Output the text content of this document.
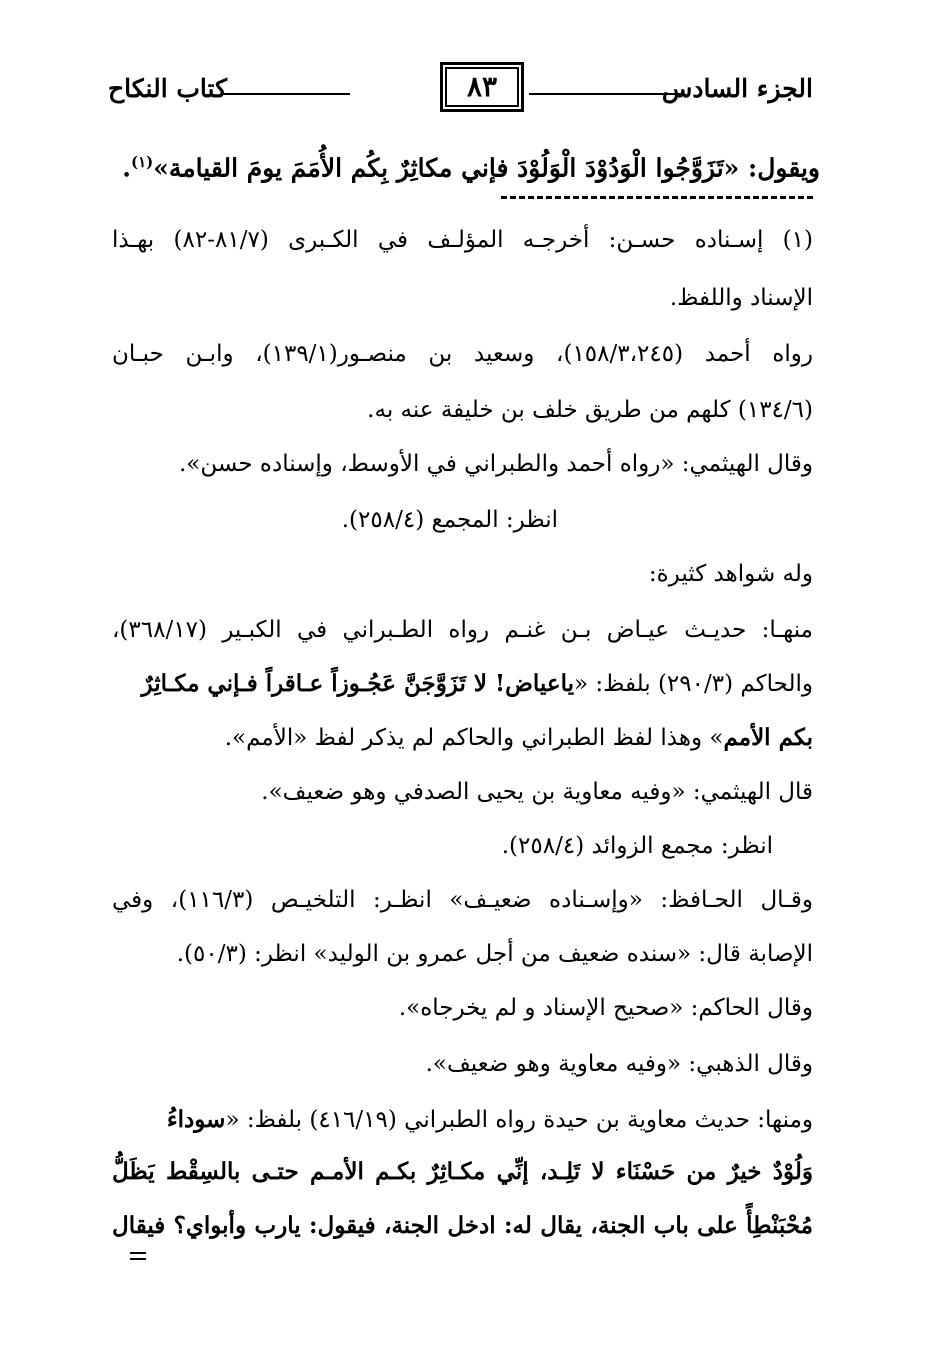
الجزء السادس
٨٣
كتاب النكاح
ويقول: «تَزَوَّجُوا الْوَدُوْدَ الْوَلُوْدَ فإني مكاثِرٌ بِكُم الأُمَمَ يومَ القيامة»$^{(١)}$.
(١) إسـناده حسـن: أخرجـه المؤلـف في الكـبرى (٨١/٧-٨٢) بهـذا
الإسناد واللفظ.
رواه أحمد (١٥٨/٣،٢٤٥)، وسعيد بن منصـور(١٣٩/١)، وابـن حبـان
(١٣٤/٦) كلهم من طريق خلف بن خليفة عنه به.
وقال الهيثمي: «رواه أحمد والطبراني في الأوسط، وإسناده حسن».
انظر: المجمع (٢٥٨/٤).
وله شواهد كثيرة:
منهـا: حديـث عيـاض بـن غنـم رواه الطـبراني في الكبـير (٣٦٨/١٧)،
والحاكم (٢٩٠/٣) بلفظ: «ياعياض! لا تَزَوَّجَنَّ عَجُـوزاً عـاقراً فـإني مكـاثِرٌ
بكم الأمم» وهذا لفظ الطبراني والحاكم لم يذكر لفظ «الأمم».
قال الهيثمي: «وفيه معاوية بن يحيى الصدفي وهو ضعيف».
انظر: مجمع الزوائد (٢٥٨/٤).
وقـال الحـافظ: «وإسـناده ضعيـف» انظـر: التلخيـص (١١٦/٣)، وفي
الإصابة قال: «سنده ضعيف من أجل عمرو بن الوليد» انظر: (٥٠/٣).
وقال الحاكم: «صحيح الإسناد و لم يخرجاه».
وقال الذهبي: «وفيه معاوية وهو ضعيف».
ومنها: حديث معاوية بن حيدة رواه الطبراني (٤١٦/١٩) بلفظ: «سوداءُ
وَلُوْدٌ خيرٌ من حَسْنَاء لا تَلِـد، إنِّي مكـاثِرٌ بكـم الأمـم حتـى بالسِقْط يَظَلُّ
مُحْبَنْطِأً على باب الجنة، يقال له: ادخل الجنة، فيقول: يارب وأبواي؟ فيقال
